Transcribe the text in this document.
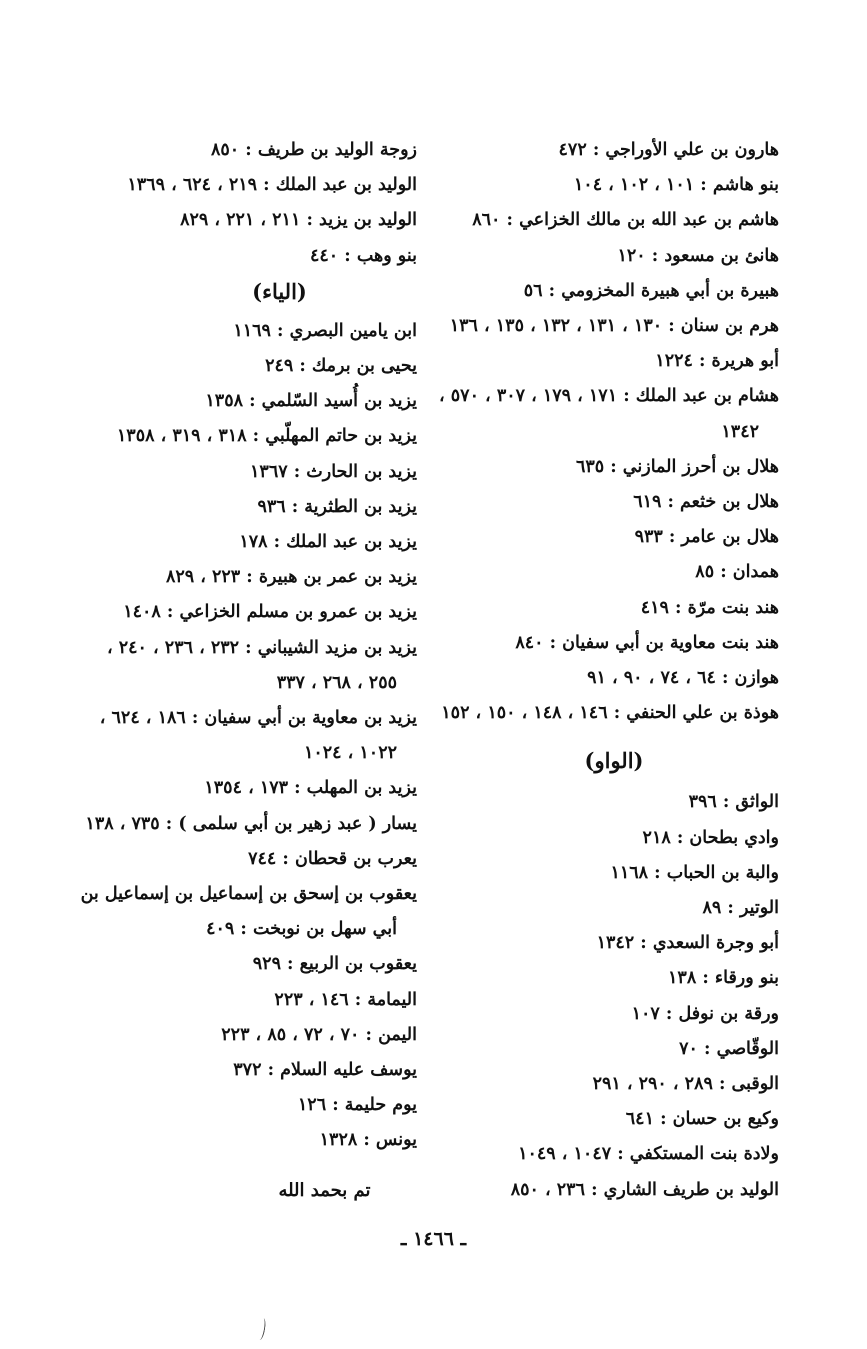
هارون بن علي الأوراجي : ٤٧٢
بنو هاشم : ١٠١ ، ١٠٢ ، ١٠٤
هاشم بن عبد الله بن مالك الخزاعي : ٨٦٠
هانئ بن مسعود : ١٢٠
هبيرة بن أبي هبيرة المخزومي : ٥٦
هرم بن سنان : ١٣٠ ، ١٣١ ، ١٣٢ ، ١٣٥ ، ١٣٦
أبو هريرة : ١٢٢٤
هشام بن عبد الملك : ١٧١ ، ١٧٩ ، ٣٠٧ ، ٥٧٠ ،
١٣٤٢
هلال بن أحرز المازني : ٦٣٥
هلال بن خثعم : ٦١٩
هلال بن عامر : ٩٣٣
همدان : ٨٥
هند بنت مرّة : ٤١٩
هند بنت معاوية بن أبي سفيان : ٨٤٠
هوازن : ٦٤ ، ٧٤ ، ٩٠ ، ٩١
هوذة بن علي الحنفي : ١٤٦ ، ١٤٨ ، ١٥٠ ، ١٥٢
(الواو)
الواثق : ٣٩٦
وادي بطحان : ٢١٨
والبة بن الحباب : ١١٦٨
الوتير : ٨٩
أبو وجرة السعدي : ١٣٤٢
بنو ورقاء : ١٣٨
ورقة بن نوفل : ١٠٧
الوقّاصي : ٧٠
الوقبى : ٢٨٩ ، ٢٩٠ ، ٢٩١
وكيع بن حسان : ٦٤١
ولادة بنت المستكفي : ١٠٤٧ ، ١٠٤٩
الوليد بن طريف الشاري : ٢٣٦ ، ٨٥٠
زوجة الوليد بن طريف : ٨٥٠
الوليد بن عبد الملك : ٢١٩ ، ٦٢٤ ، ١٣٦٩
الوليد بن يزيد : ٢١١ ، ٢٢١ ، ٨٢٩
بنو وهب : ٤٤٠
(الياء)
ابن يامين البصري : ١١٦٩
يحيى بن برمك : ٢٤٩
يزيد بن أُسيد السّلمي : ١٣٥٨
يزيد بن حاتم المهلّبي : ٣١٨ ، ٣١٩ ، ١٣٥٨
يزيد بن الحارث : ١٣٦٧
يزيد بن الطثرية : ٩٣٦
يزيد بن عبد الملك : ١٧٨
يزيد بن عمر بن هبيرة : ٢٢٣ ، ٨٢٩
يزيد بن عمرو بن مسلم الخزاعي : ١٤٠٨
يزيد بن مزيد الشيباني : ٢٣٢ ، ٢٣٦ ، ٢٤٠ ،
٢٥٥ ، ٢٦٨ ، ٣٣٧
يزيد بن معاوية بن أبي سفيان : ١٨٦ ، ٦٢٤ ،
١٠٢٢ ، ١٠٢٤
يزيد بن المهلب : ١٧٣ ، ١٣٥٤
يسار ( عبد زهير بن أبي سلمى ) : ٧٣٥ ، ١٣٨
يعرب بن قحطان : ٧٤٤
يعقوب بن إسحق بن إسماعيل بن إسماعيل بن
أبي سهل بن نوبخت : ٤٠٩
يعقوب بن الربيع : ٩٢٩
اليمامة : ١٤٦ ، ٢٢٣
اليمن : ٧٠ ، ٧٢ ، ٨٥ ، ٢٢٣
يوسف عليه السلام : ٣٧٢
يوم حليمة : ١٢٦
يونس : ١٣٢٨
تم بحمد الله
ـ ١٤٦٦ ـ
